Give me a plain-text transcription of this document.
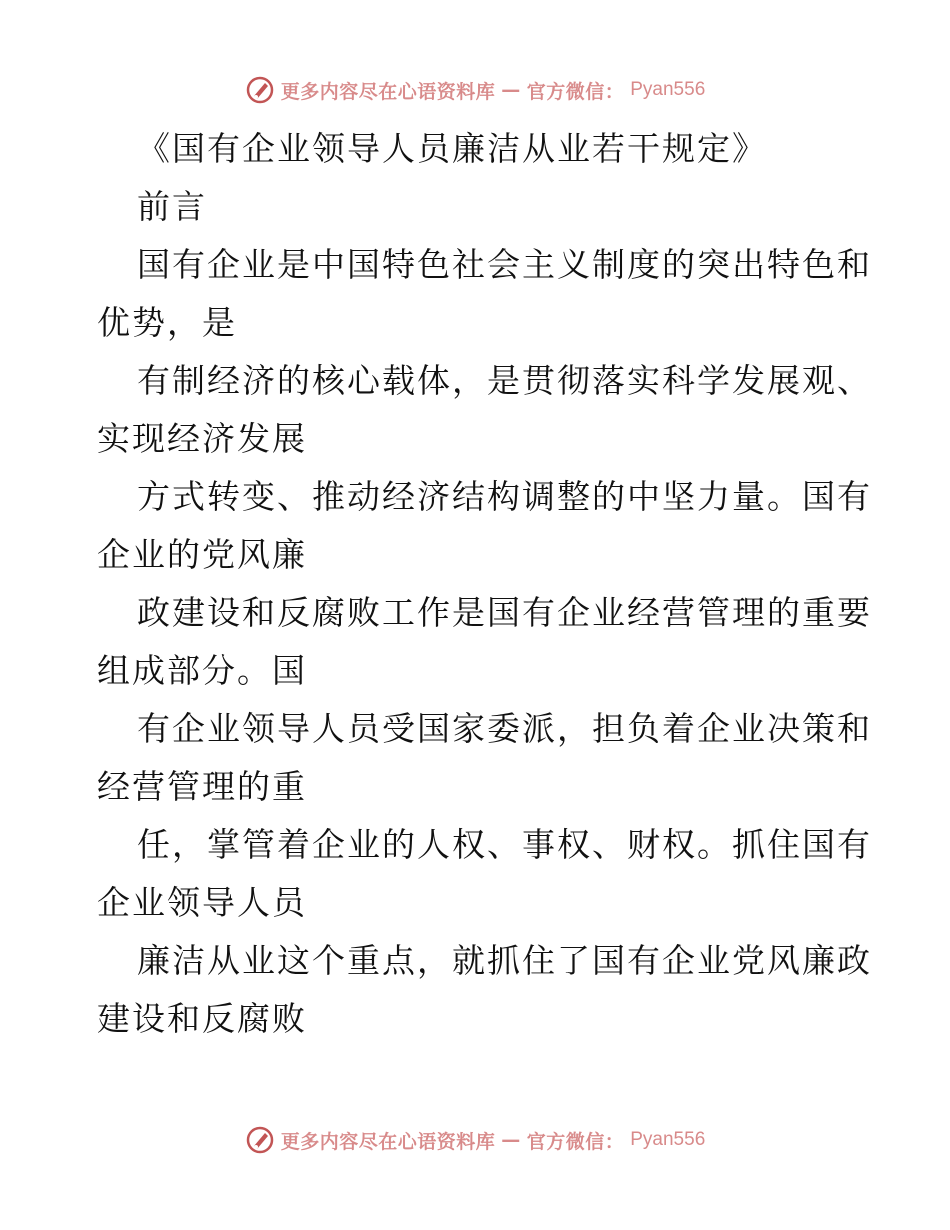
更多内容尽在心语资料库 — 官方微信： Pyan556
《国有企业领导人员廉洁从业若干规定》
前言
国有企业是中国特色社会主义制度的突出特色和
优势，是
有制经济的核心载体，是贯彻落实科学发展观、
实现经济发展
方式转变、推动经济结构调整的中坚力量。国有
企业的党风廉
政建设和反腐败工作是国有企业经营管理的重要
组成部分。国
有企业领导人员受国家委派，担负着企业决策和
经营管理的重
任，掌管着企业的人权、事权、财权。抓住国有
企业领导人员
廉洁从业这个重点，就抓住了国有企业党风廉政
建设和反腐败
更多内容尽在心语资料库 — 官方微信： Pyan556
